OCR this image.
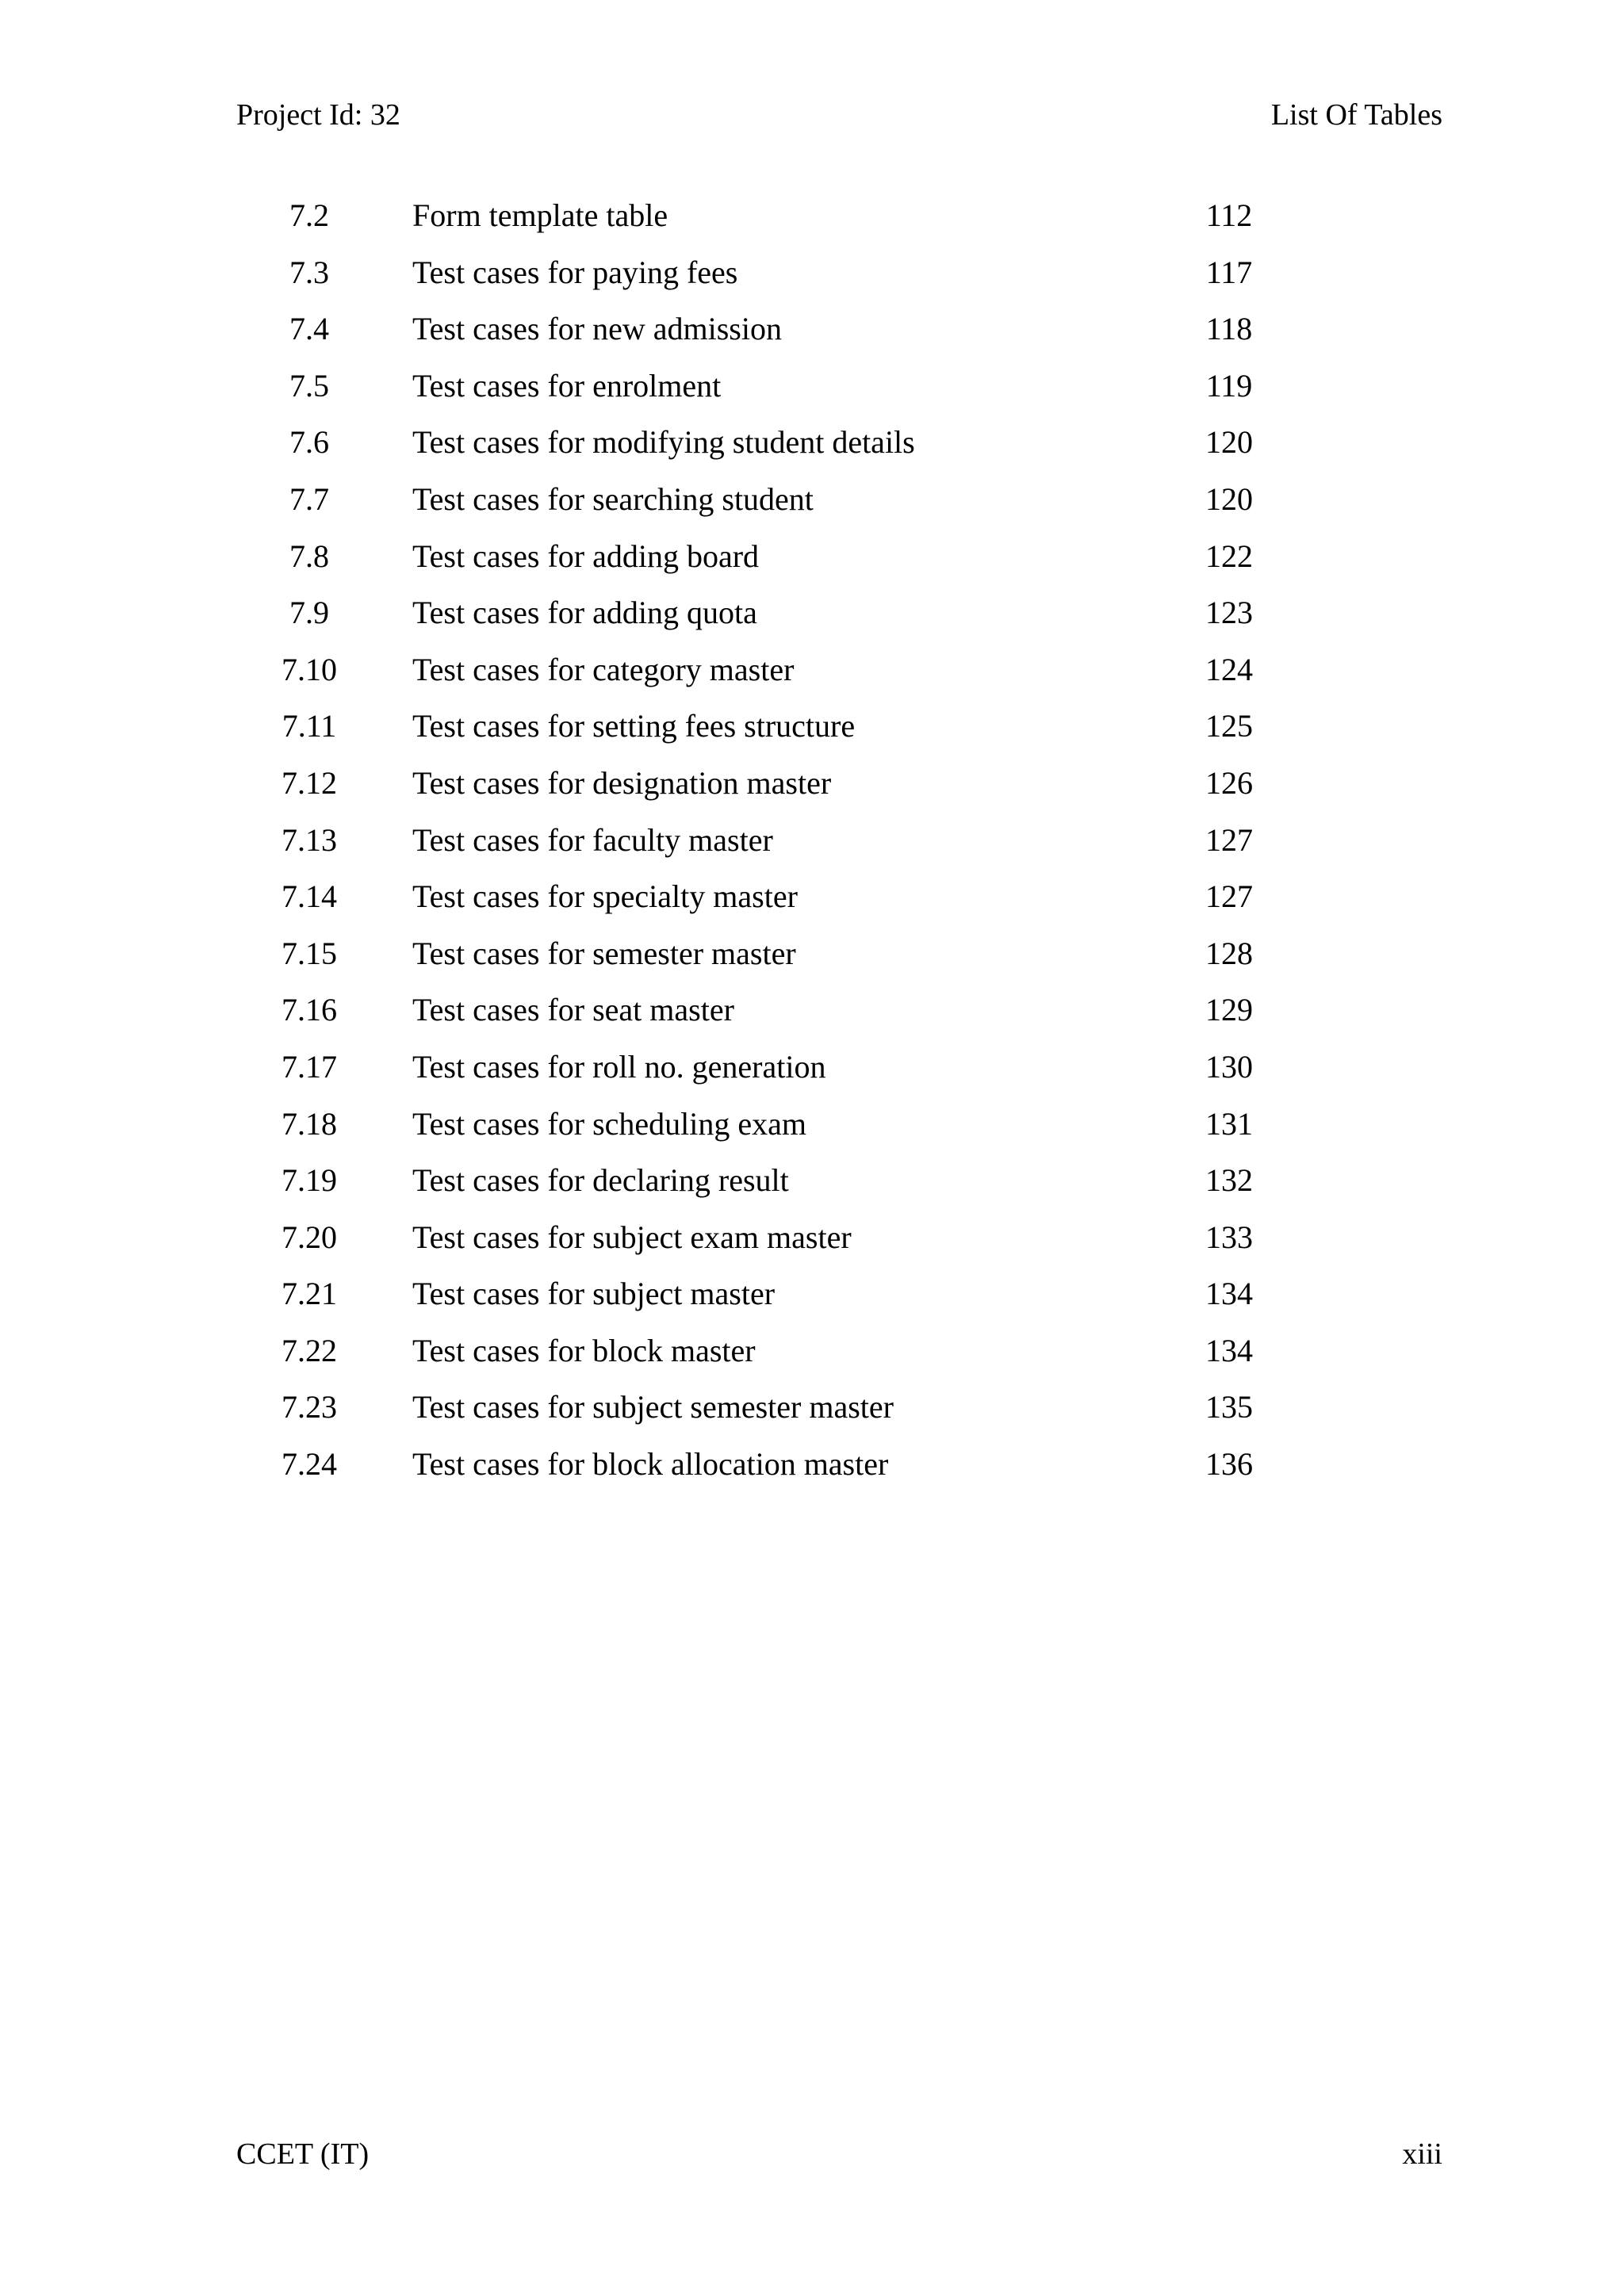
Project Id: 32	List Of Tables
7.2	Form template table	112
7.3	Test cases for paying fees	117
7.4	Test cases for new admission	118
7.5	Test cases for enrolment	119
7.6	Test cases for modifying student details	120
7.7	Test cases for searching student	120
7.8	Test cases for adding board	122
7.9	Test cases for adding quota	123
7.10	Test cases for category master	124
7.11	Test cases for setting fees structure	125
7.12	Test cases for designation master	126
7.13	Test cases for faculty master	127
7.14	Test cases for specialty master	127
7.15	Test cases for semester master	128
7.16	Test cases for seat master	129
7.17	Test cases for roll no. generation	130
7.18	Test cases for scheduling exam	131
7.19	Test cases for declaring result	132
7.20	Test cases for subject exam master	133
7.21	Test cases for subject master	134
7.22	Test cases for block master	134
7.23	Test cases for subject semester master	135
7.24	Test cases for block allocation master	136
CCET (IT)	xiii
